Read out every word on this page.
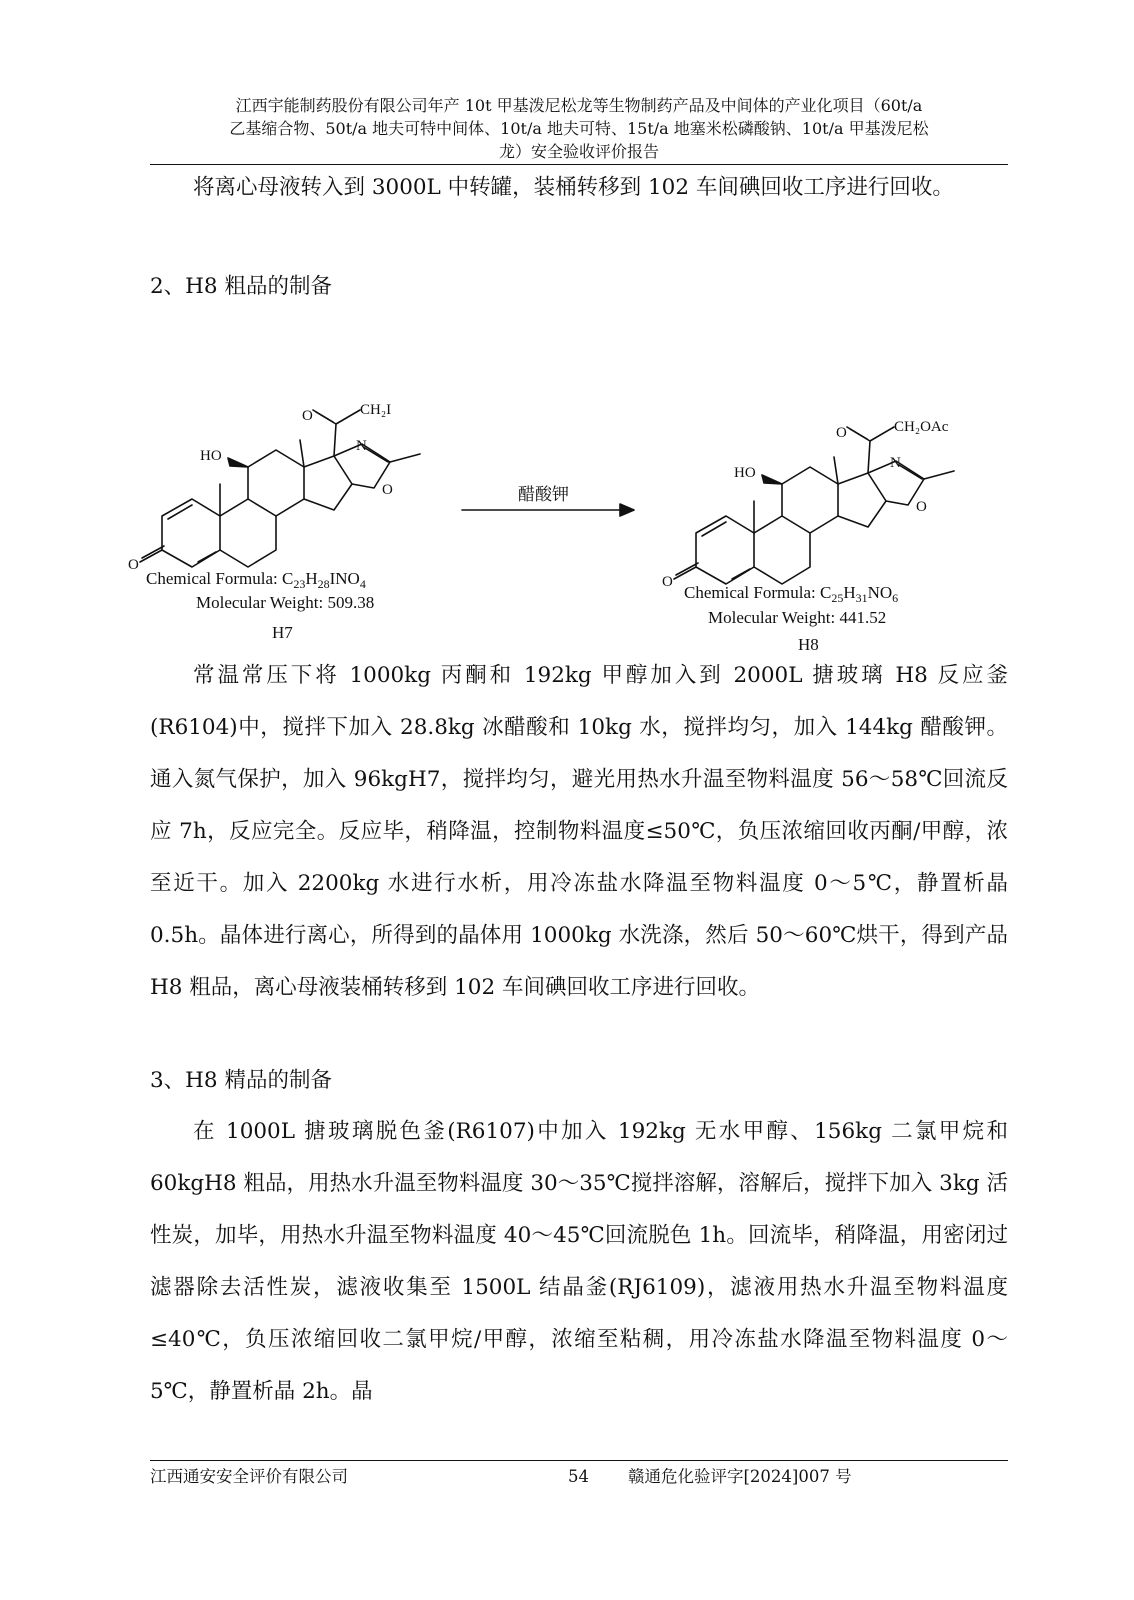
江西宇能制药股份有限公司年产 10t 甲基泼尼松龙等生物制药产品及中间体的产业化项目（60t/a
乙基缩合物、50t/a 地夫可特中间体、10t/a 地夫可特、15t/a 地塞米松磷酸钠、10t/a 甲基泼尼松
龙）安全验收评价报告
将离心母液转入到 3000L 中转罐，装桶转移到 102 车间碘回收工序进行回收。
2、H8 粗品的制备
O
HO
O	CH₂I
N
O
O
HO
O	CH₂OAc
N
O
醋酸钾
Chemical Formula: $C_{23}H_{28}INO_4$
Molecular Weight: 509.38
H7
Chemical Formula: $C_{25}H_{31}NO_6$
Molecular Weight: 441.52
H8
常温常压下将 1000kg 丙酮和 192kg 甲醇加入到 2000L 搪玻璃 H8 反应釜(R6104)中，搅拌下加入 28.8kg 冰醋酸和 10kg 水，搅拌均匀，加入 144kg 醋酸钾。通入氮气保护，加入 96kgH7，搅拌均匀，避光用热水升温至物料温度 56～58℃回流反应 7h，反应完全。反应毕，稍降温，控制物料温度≤50℃，负压浓缩回收丙酮/甲醇，浓至近干。加入 2200kg 水进行水析，用冷冻盐水降温至物料温度 0～5℃，静置析晶 0.5h。晶体进行离心，所得到的晶体用 1000kg 水洗涤，然后 50～60℃烘干，得到产品 H8 粗品，离心母液装桶转移到 102 车间碘回收工序进行回收。
3、H8 精品的制备
在 1000L 搪玻璃脱色釜(R6107)中加入 192kg 无水甲醇、156kg 二氯甲烷和 60kgH8 粗品，用热水升温至物料温度 30～35℃搅拌溶解，溶解后，搅拌下加入 3kg 活性炭，加毕，用热水升温至物料温度 40～45℃回流脱色 1h。回流毕，稍降温，用密闭过滤器除去活性炭，滤液收集至 1500L 结晶釜(RJ6109)，滤液用热水升温至物料温度≤40℃，负压浓缩回收二氯甲烷/甲醇，浓缩至粘稠，用冷冻盐水降温至物料温度 0～5℃，静置析晶 2h。晶
江西通安安全评价有限公司	54 赣通危化验评字[2024]007 号
